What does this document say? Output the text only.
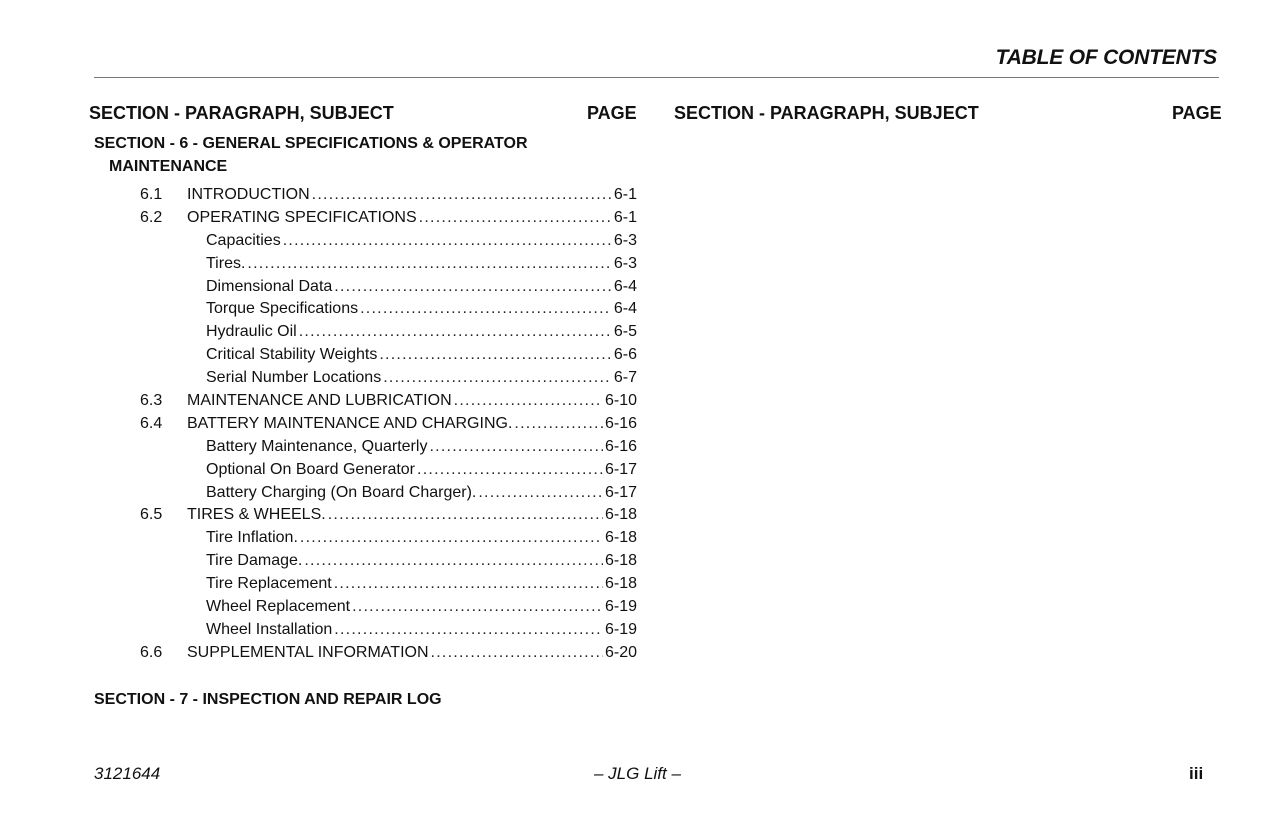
TABLE OF CONTENTS
SECTION - PARAGRAPH, SUBJECT	PAGE SECTION - PARAGRAPH, SUBJECT	PAGE
SECTION - 6 - GENERAL SPECIFICATIONS & OPERATOR
MAINTENANCE
6.1	INTRODUCTION . . .	6-1
6.2	OPERATING SPECIFICATIONS . . .	6-1
Capacities . . .	6-3
Tires. . . .	6-3
Dimensional Data . . .	6-4
Torque Specifications . . .	6-4
Hydraulic Oil . . .	6-5
Critical Stability Weights . . .	6-6
Serial Number Locations . . .	6-7
6.3	MAINTENANCE AND LUBRICATION . . .	6-10
6.4	BATTERY MAINTENANCE AND CHARGING. . . .	6-16
Battery Maintenance, Quarterly . . .	6-16
Optional On Board Generator . . .	6-17
Battery Charging (On Board Charger). . . .	6-17
6.5	TIRES & WHEELS. . . .	6-18
Tire Inflation. . . .	6-18
Tire Damage. . . .	6-18
Tire Replacement . . .	6-18
Wheel Replacement . . .	6-19
Wheel Installation . . .	6-19
6.6	SUPPLEMENTAL INFORMATION . . .	6-20
SECTION - 7 - INSPECTION AND REPAIR LOG
3121644	– JLG Lift –	iii
